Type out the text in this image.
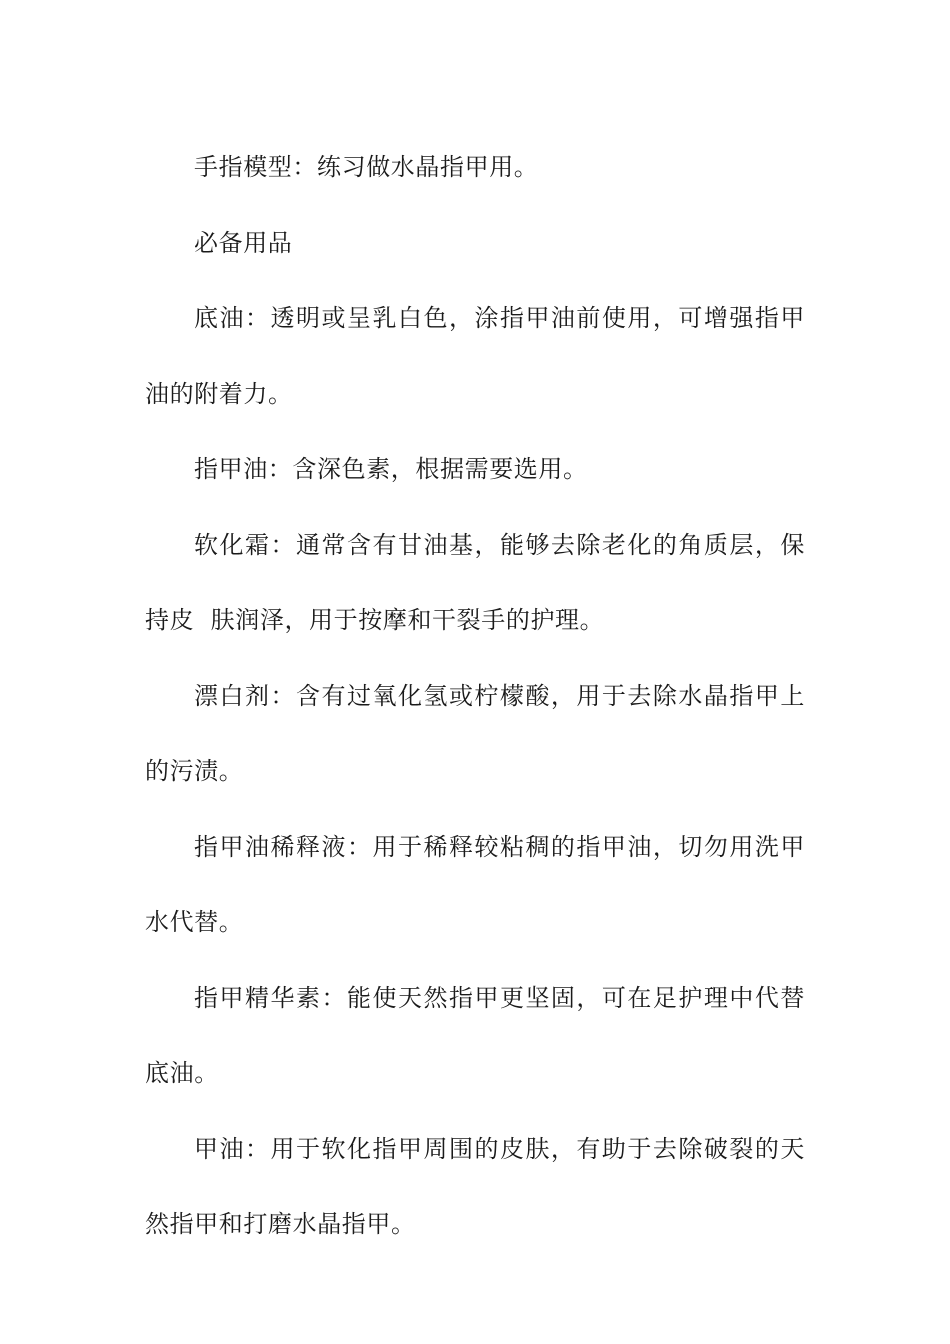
手指模型：练习做水晶指甲用。

必备用品

底油：透明或呈乳白色，涂指甲油前使用，可增强指甲油的附着力。

指甲油：含深色素，根据需要选用。

软化霜：通常含有甘油基，能够去除老化的角质层，保持皮  肤润泽，用于按摩和干裂手的护理。

漂白剂：含有过氧化氢或柠檬酸，用于去除水晶指甲上的污渍。

指甲油稀释液：用于稀释较粘稠的指甲油，切勿用洗甲水代替。

指甲精华素：能使天然指甲更坚固，可在足护理中代替底油。

甲油：用于软化指甲周围的皮肤，有助于去除破裂的天然指甲和打磨水晶指甲。
